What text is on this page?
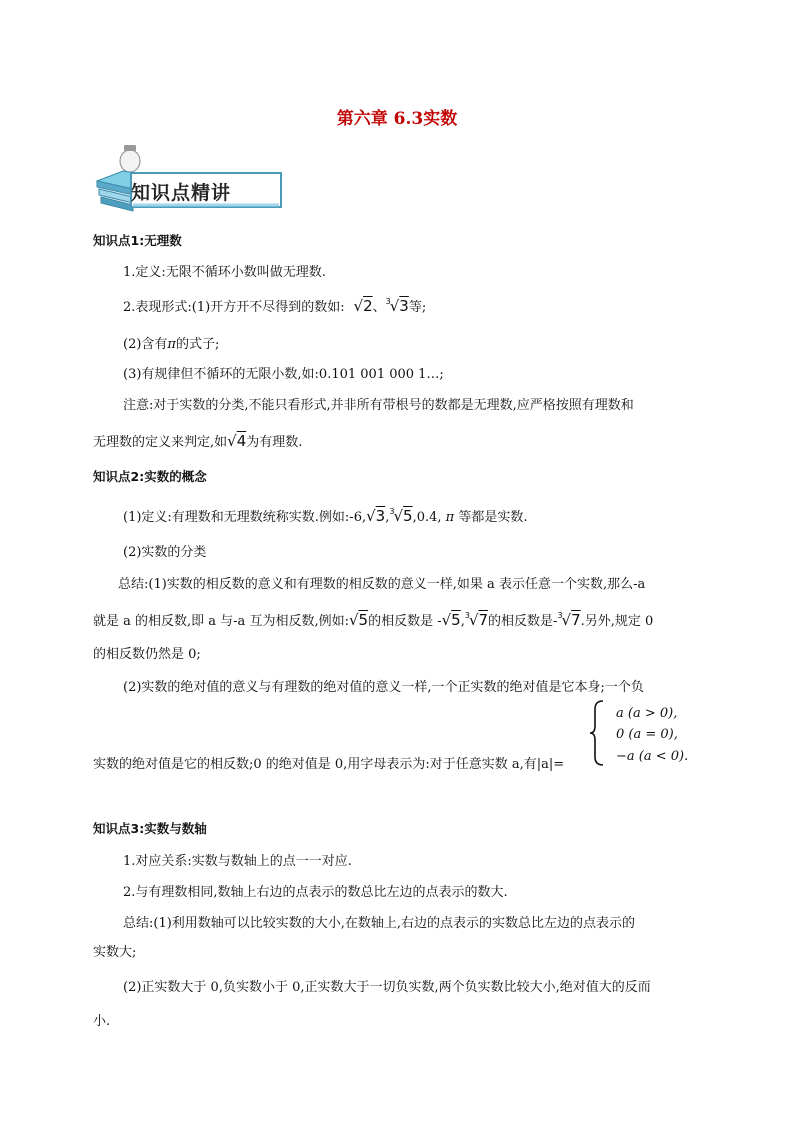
第六章 6.3实数
知识点精讲
知识点1:无理数
1.定义:无限不循环小数叫做无理数.
2.表现形式:(1)开方开不尽得到的数如: √2、$^3$√3等;
(2)含有π的式子;
(3)有规律但不循环的无限小数,如:0.101 001 000 1…;
注意:对于实数的分类,不能只看形式,并非所有带根号的数都是无理数,应严格按照有理数和
无理数的定义来判定,如√4为有理数.
知识点2:实数的概念
(1)定义:有理数和无理数统称实数.例如:-6,√3,$^3$√5,0.4, π 等都是实数.
(2)实数的分类
总结:(1)实数的相反数的意义和有理数的相反数的意义一样,如果 a 表示任意一个实数,那么-a
就是 a 的相反数,即 a 与-a 互为相反数,例如:√5的相反数是 -√5,$^3$√7的相反数是-$^3$√7.另外,规定 0
的相反数仍然是 0;
(2)实数的绝对值的意义与有理数的绝对值的意义一样,一个正实数的绝对值是它本身;一个负
a (a > 0),
0 (a = 0),
−a (a < 0).
实数的绝对值是它的相反数;0 的绝对值是 0,用字母表示为:对于任意实数 a,有|a|=
知识点3:实数与数轴
1.对应关系:实数与数轴上的点一一对应.
2.与有理数相同,数轴上右边的点表示的数总比左边的点表示的数大.
总结:(1)利用数轴可以比较实数的大小,在数轴上,右边的点表示的实数总比左边的点表示的
实数大;
(2)正实数大于 0,负实数小于 0,正实数大于一切负实数,两个负实数比较大小,绝对值大的反而
小.
